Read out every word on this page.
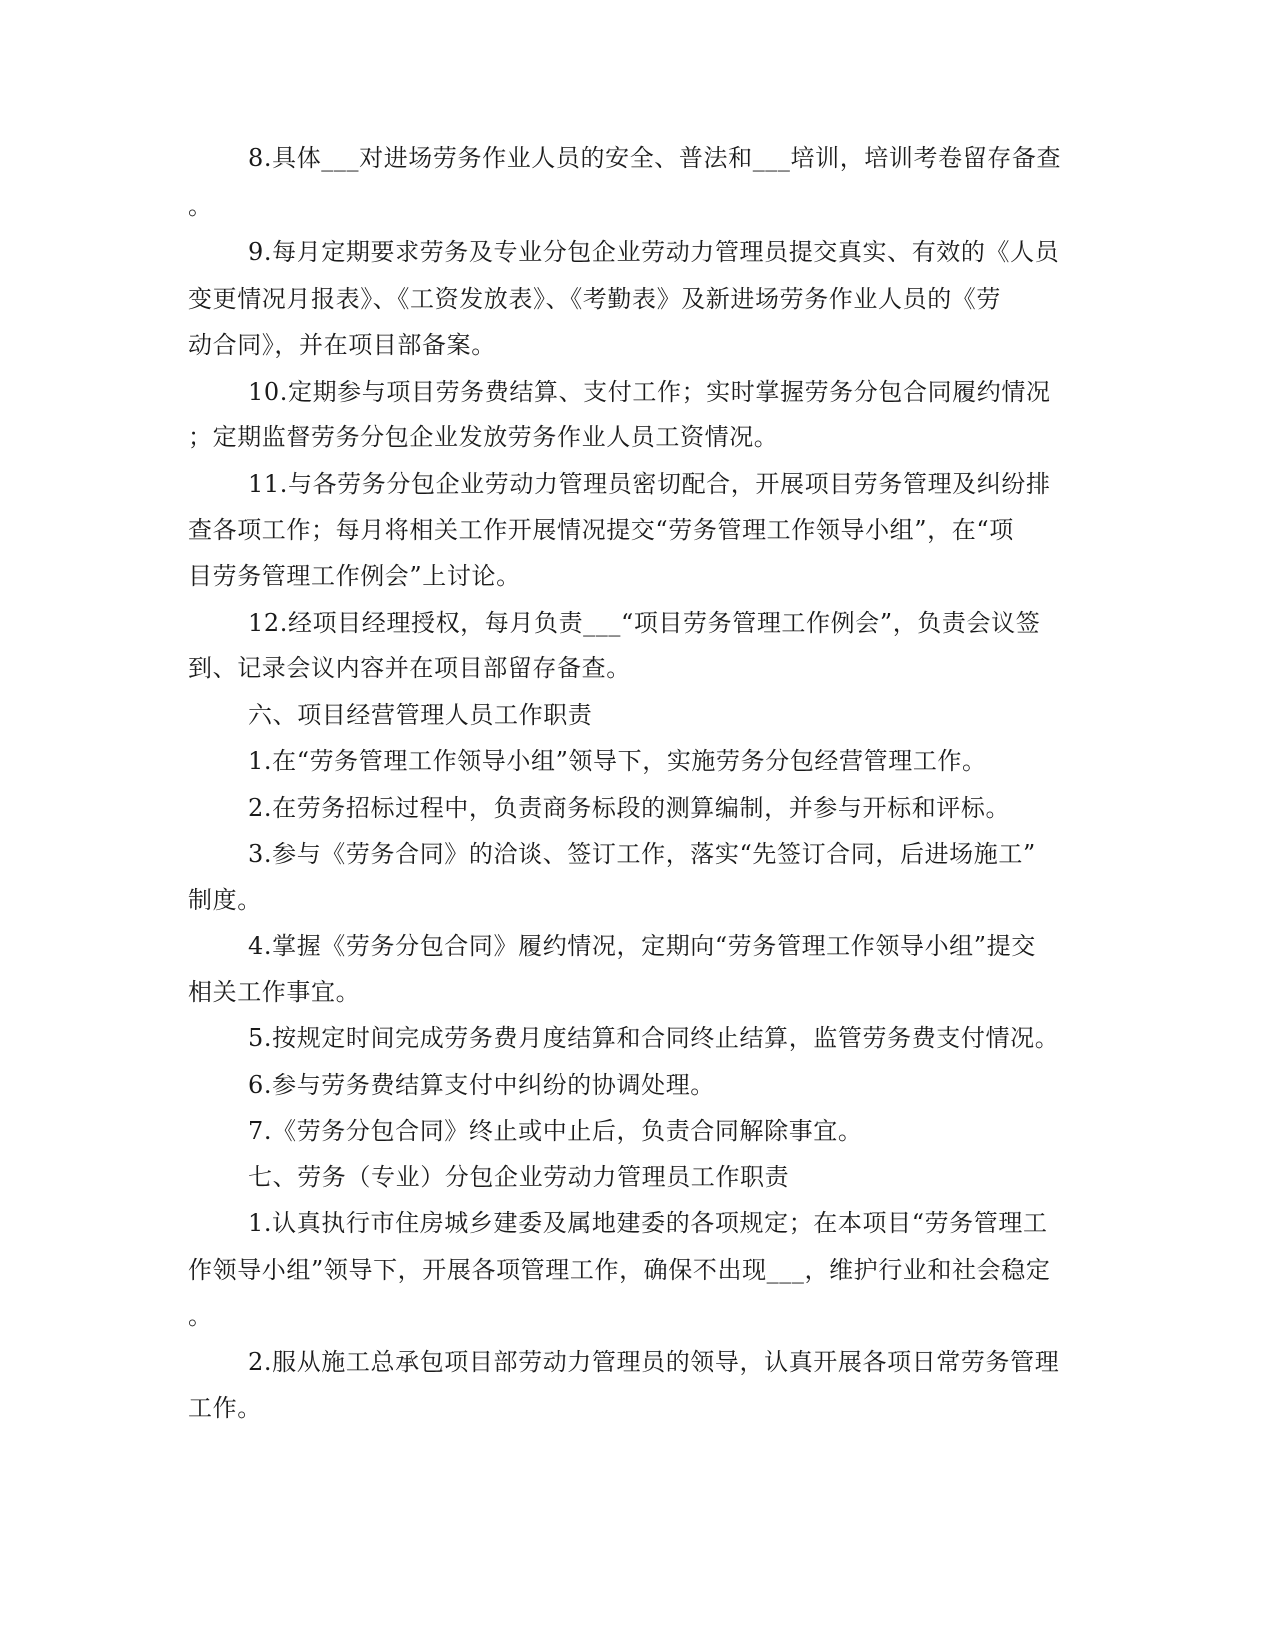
8.具体___对进场劳务作业人员的安全、普法和___培训，培训考卷留存备查

。

9.每月定期要求劳务及专业分包企业劳动力管理员提交真实、有效的《人员

变更情况月报表》、《工资发放表》、《考勤表》及新进场劳务作业人员的《劳

动合同》，并在项目部备案。

10.定期参与项目劳务费结算、支付工作；实时掌握劳务分包合同履约情况

；定期监督劳务分包企业发放劳务作业人员工资情况。

11.与各劳务分包企业劳动力管理员密切配合，开展项目劳务管理及纠纷排

查各项工作；每月将相关工作开展情况提交“劳务管理工作领导小组”，在“项

目劳务管理工作例会”上讨论。

12.经项目经理授权，每月负责___“项目劳务管理工作例会”，负责会议签

到、记录会议内容并在项目部留存备查。

六、项目经营管理人员工作职责

1.在“劳务管理工作领导小组”领导下，实施劳务分包经营管理工作。

2.在劳务招标过程中，负责商务标段的测算编制，并参与开标和评标。

3.参与《劳务合同》的洽谈、签订工作，落实“先签订合同，后进场施工”

制度。

4.掌握《劳务分包合同》履约情况，定期向“劳务管理工作领导小组”提交

相关工作事宜。

5.按规定时间完成劳务费月度结算和合同终止结算，监管劳务费支付情况。

6.参与劳务费结算支付中纠纷的协调处理。

7.《劳务分包合同》终止或中止后，负责合同解除事宜。

七、劳务（专业）分包企业劳动力管理员工作职责

1.认真执行市住房城乡建委及属地建委的各项规定；在本项目“劳务管理工

作领导小组”领导下，开展各项管理工作，确保不出现___，维护行业和社会稳定

。

2.服从施工总承包项目部劳动力管理员的领导，认真开展各项日常劳务管理

工作。
